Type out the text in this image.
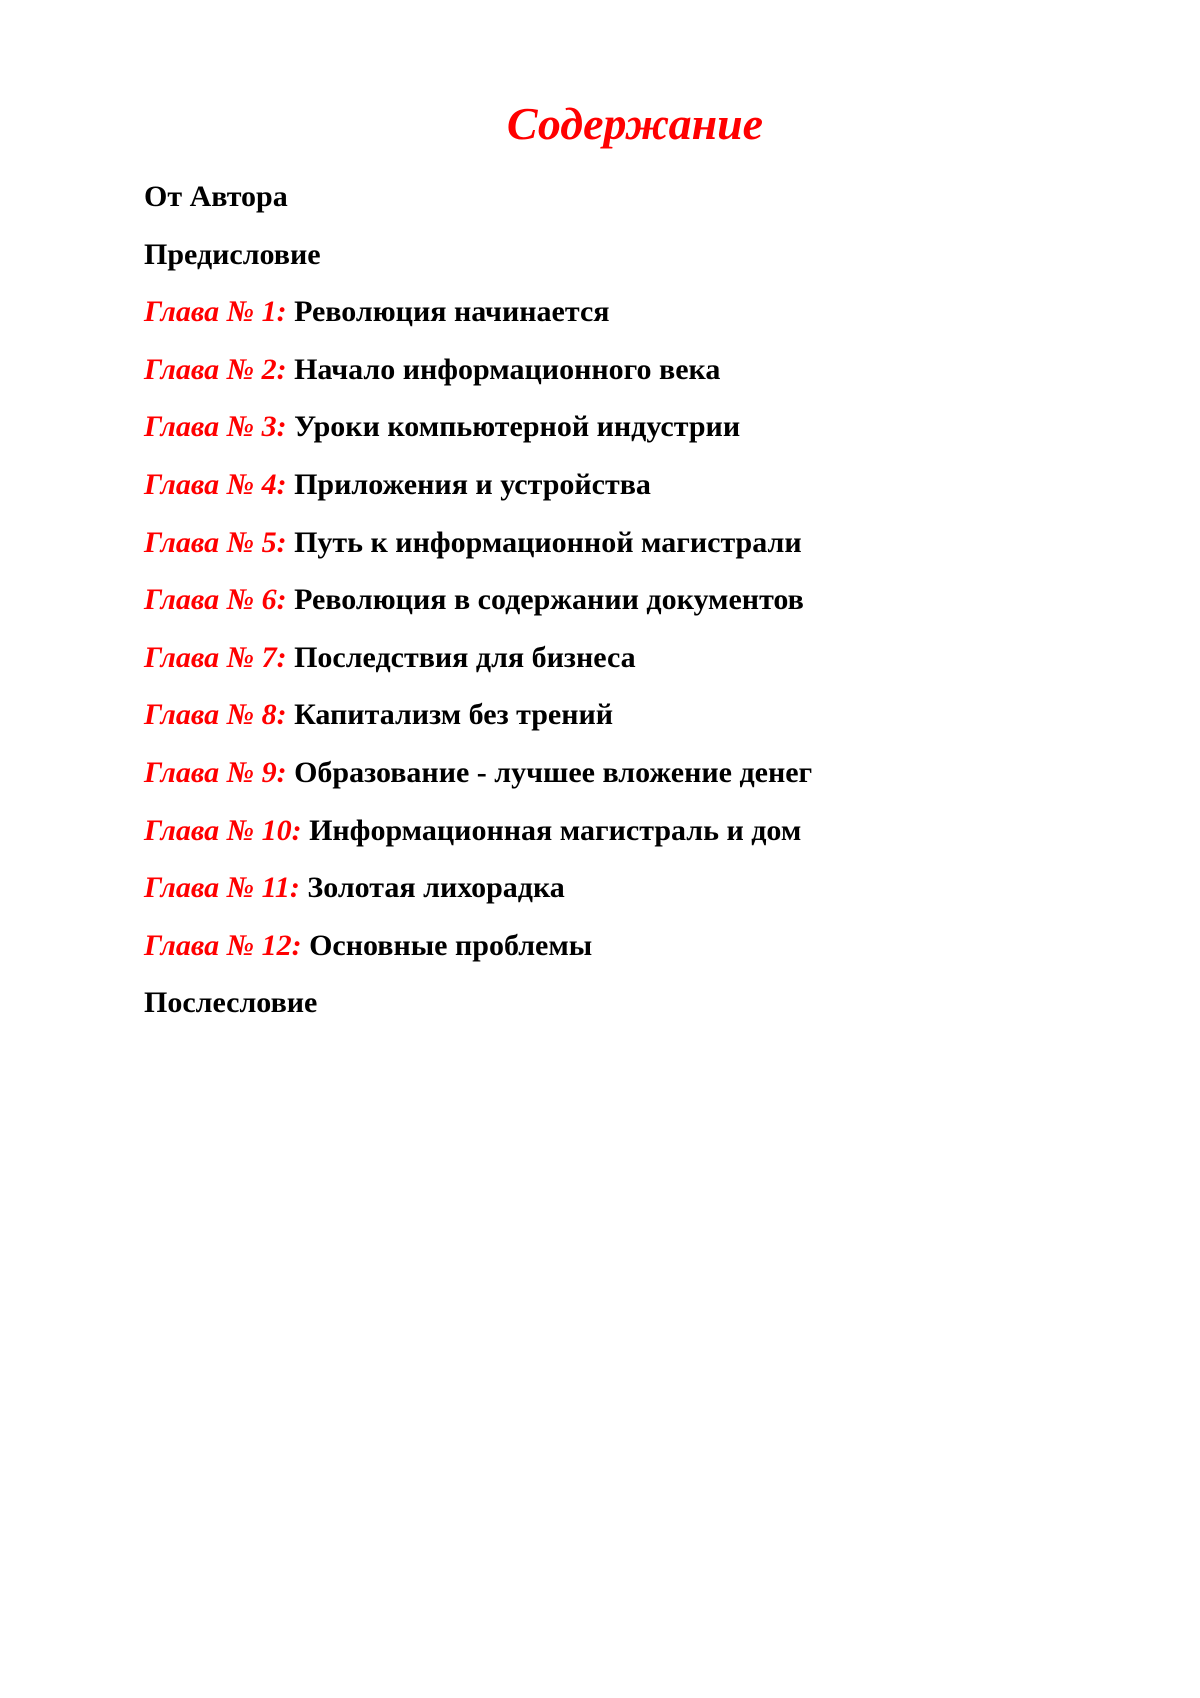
Содержание
От Автора
Предисловие
Глава № 1: Революция начинается
Глава № 2: Начало информационного века
Глава № 3: Уроки компьютерной индустрии
Глава № 4: Приложения и устройства
Глава № 5: Путь к информационной магистрали
Глава № 6: Революция в содержании документов
Глава № 7: Последствия для бизнеса
Глава № 8: Капитализм без трений
Глава № 9: Образование - лучшее вложение денег
Глава № 10: Информационная магистраль и дом
Глава № 11: Золотая лихорадка
Глава № 12: Основные проблемы
Послесловие
